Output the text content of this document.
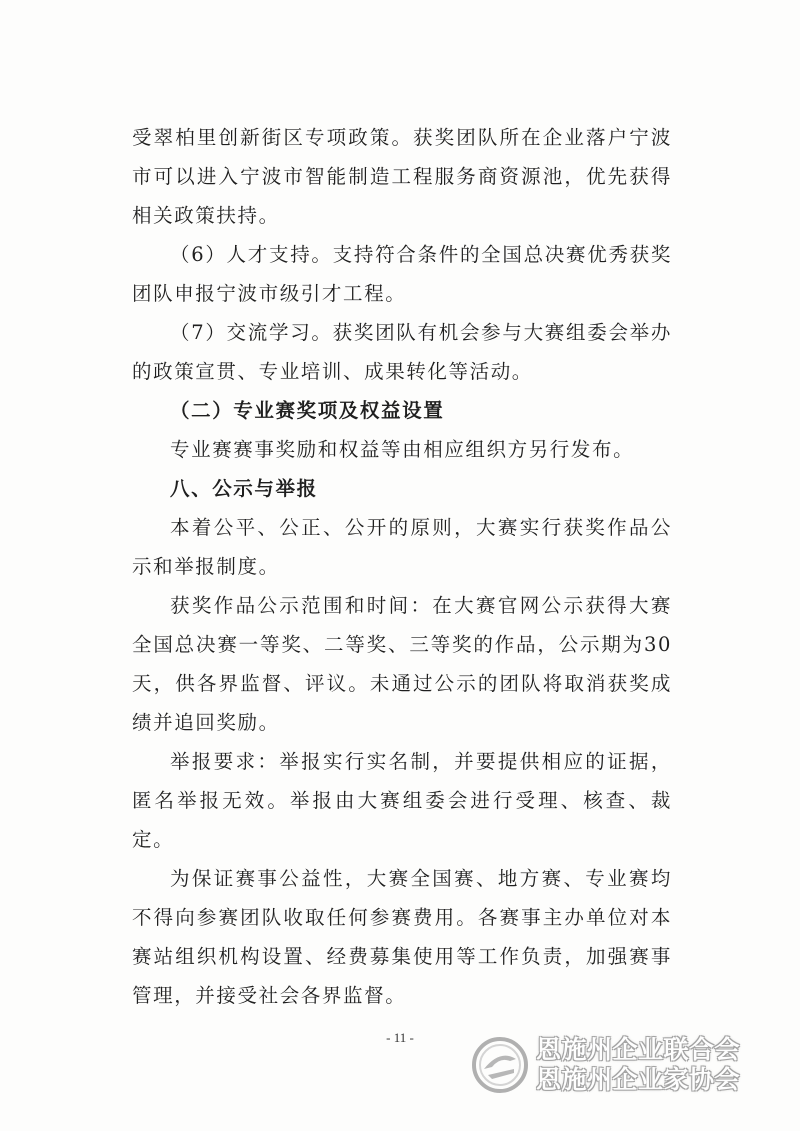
受翠柏里创新街区专项政策。获奖团队所在企业落户宁波市可以进入宁波市智能制造工程服务商资源池，优先获得相关政策扶持。

（6）人才支持。支持符合条件的全国总决赛优秀获奖团队申报宁波市级引才工程。

（7）交流学习。获奖团队有机会参与大赛组委会举办的政策宣贯、专业培训、成果转化等活动。

（二）专业赛奖项及权益设置

专业赛赛事奖励和权益等由相应组织方另行发布。

八、公示与举报

本着公平、公正、公开的原则，大赛实行获奖作品公示和举报制度。

获奖作品公示范围和时间：在大赛官网公示获得大赛全国总决赛一等奖、二等奖、三等奖的作品，公示期为30天，供各界监督、评议。未通过公示的团队将取消获奖成绩并追回奖励。

举报要求：举报实行实名制，并要提供相应的证据，匿名举报无效。举报由大赛组委会进行受理、核查、裁定。

为保证赛事公益性，大赛全国赛、地方赛、专业赛均不得向参赛团队收取任何参赛费用。各赛事主办单位对本赛站组织机构设置、经费募集使用等工作负责，加强赛事管理，并接受社会各界监督。

- 11 -	恩施州企业联合会
恩施州企业家协会
